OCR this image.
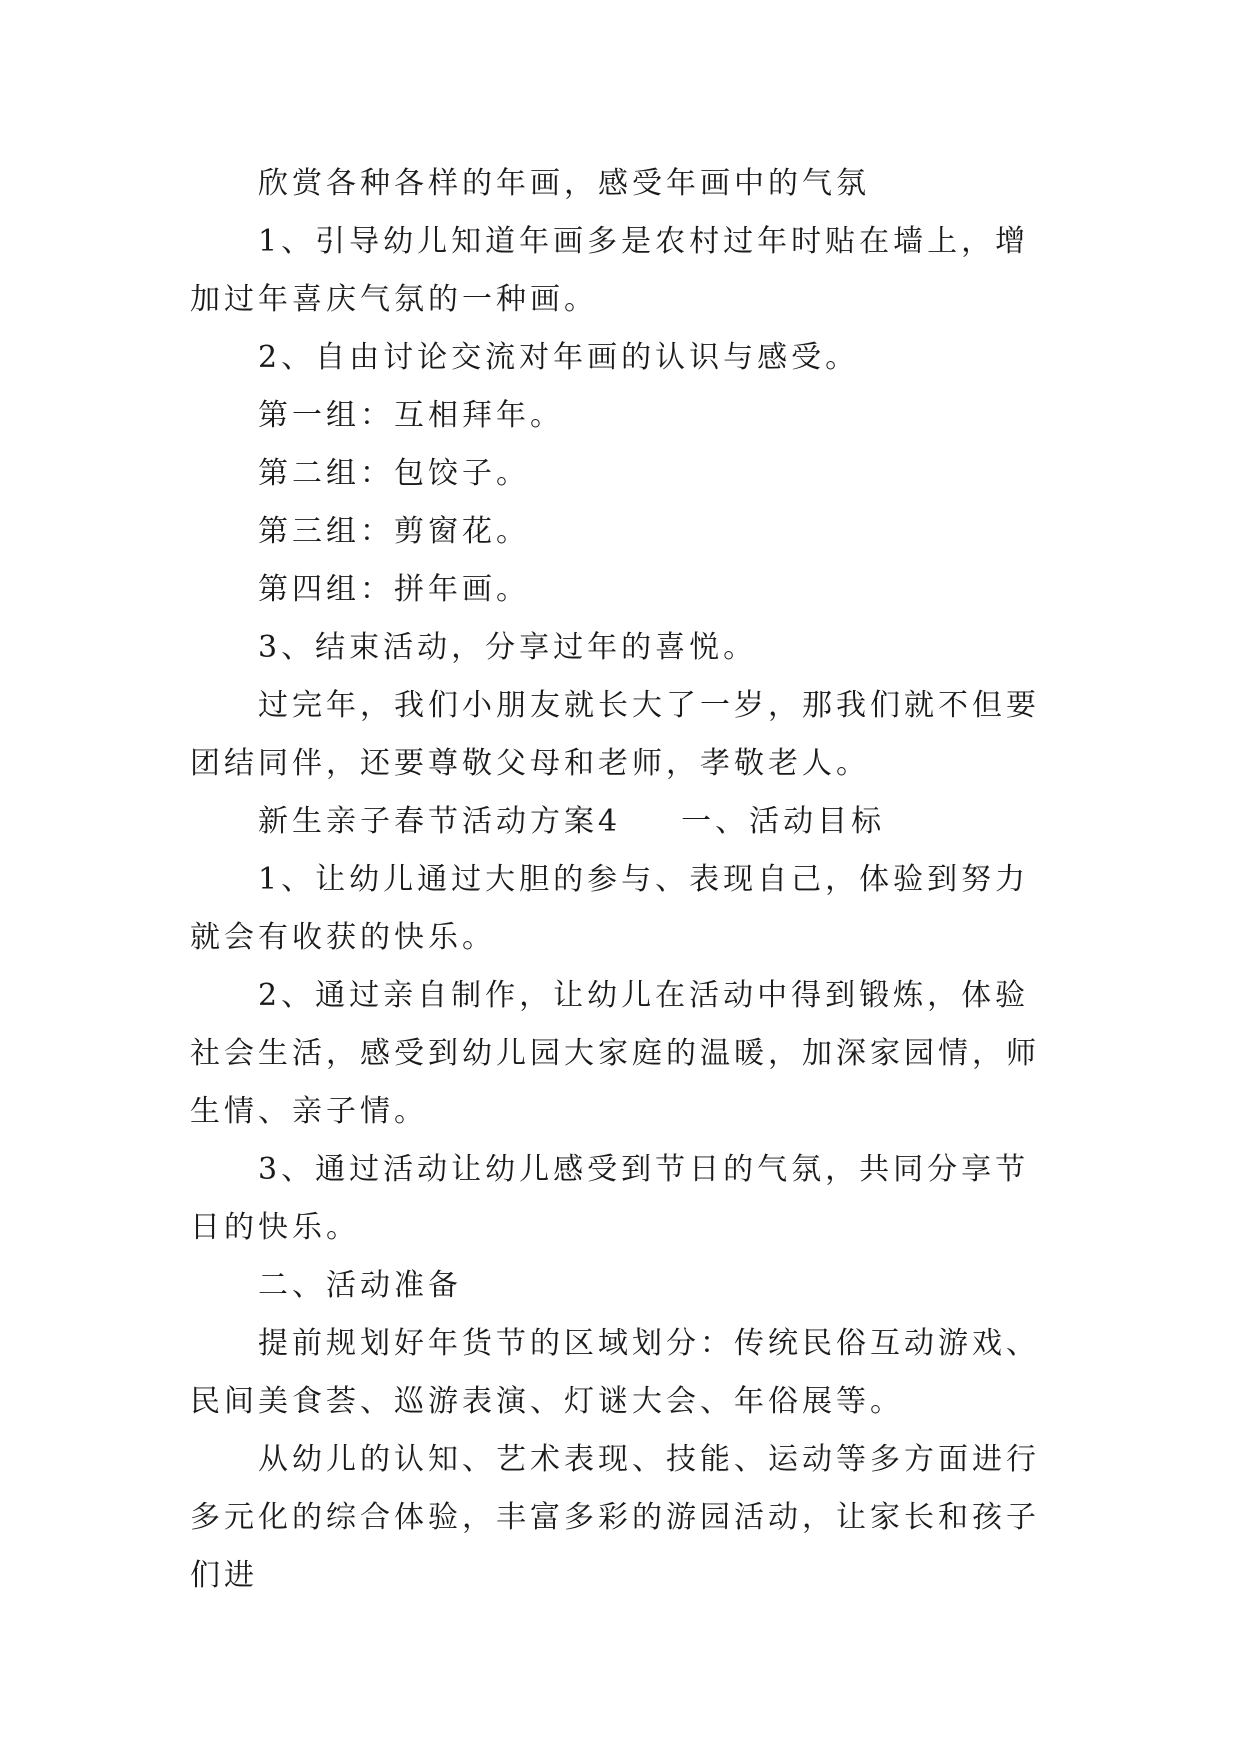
欣赏各种各样的年画，感受年画中的气氛

1、引导幼儿知道年画多是农村过年时贴在墙上，增加过年喜庆气氛的一种画。

2、自由讨论交流对年画的认识与感受。

第一组：互相拜年。

第二组：包饺子。

第三组：剪窗花。

第四组：拼年画。

3、结束活动，分享过年的喜悦。

过完年，我们小朋友就长大了一岁，那我们就不但要团结同伴，还要尊敬父母和老师，孝敬老人。

新生亲子春节活动方案4 一、活动目标

1、让幼儿通过大胆的参与、表现自己，体验到努力就会有收获的快乐。

2、通过亲自制作，让幼儿在活动中得到锻炼，体验社会生活，感受到幼儿园大家庭的温暖，加深家园情，师生情、亲子情。

3、通过活动让幼儿感受到节日的气氛，共同分享节日的快乐。

二、活动准备

提前规划好年货节的区域划分：传统民俗互动游戏、民间美食荟、巡游表演、灯谜大会、年俗展等。

从幼儿的认知、艺术表现、技能、运动等多方面进行多元化的综合体验，丰富多彩的游园活动，让家长和孩子们进
